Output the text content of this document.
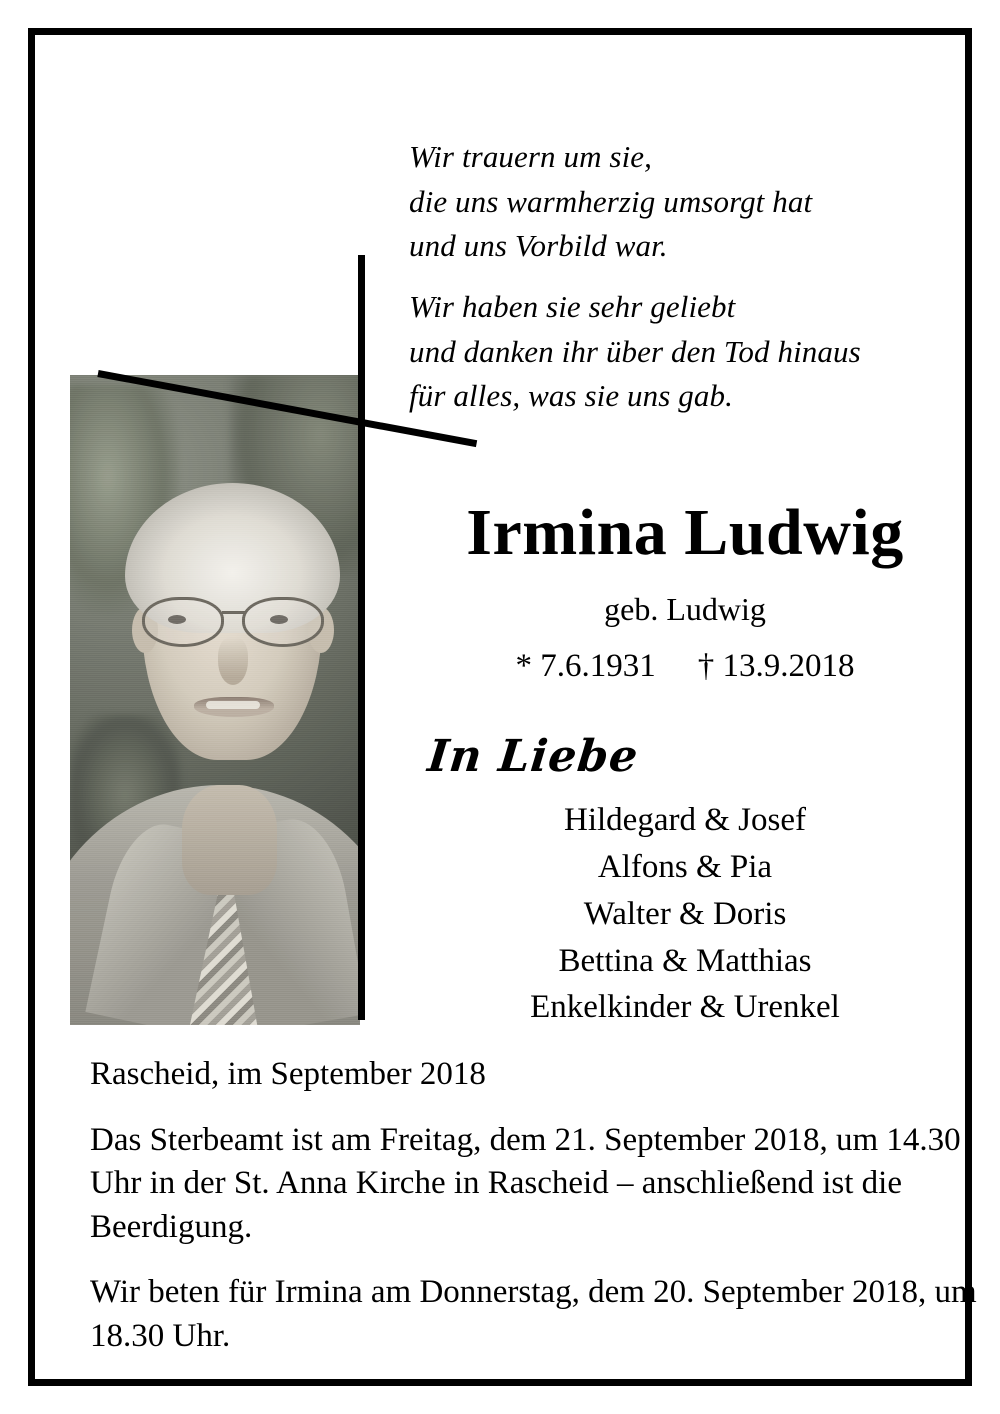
Wir trauern um sie,
die uns warmherzig umsorgt hat
und uns Vorbild war.
Wir haben sie sehr geliebt
und danken ihr über den Tod hinaus
für alles, was sie uns gab.
Irmina Ludwig
geb. Ludwig
* 7.6.1931 † 13.9.2018
In Liebe
Hildegard & Josef
Alfons & Pia
Walter & Doris
Bettina & Matthias
Enkelkinder & Urenkel

Rascheid, im September 2018

Das Sterbeamt ist am Freitag, dem 21. September 2018, um 14.30 Uhr in der St. Anna Kirche in Rascheid – anschließend ist die Beerdigung.

Wir beten für Irmina am Donnerstag, dem 20. September 2018, um 18.30 Uhr.
